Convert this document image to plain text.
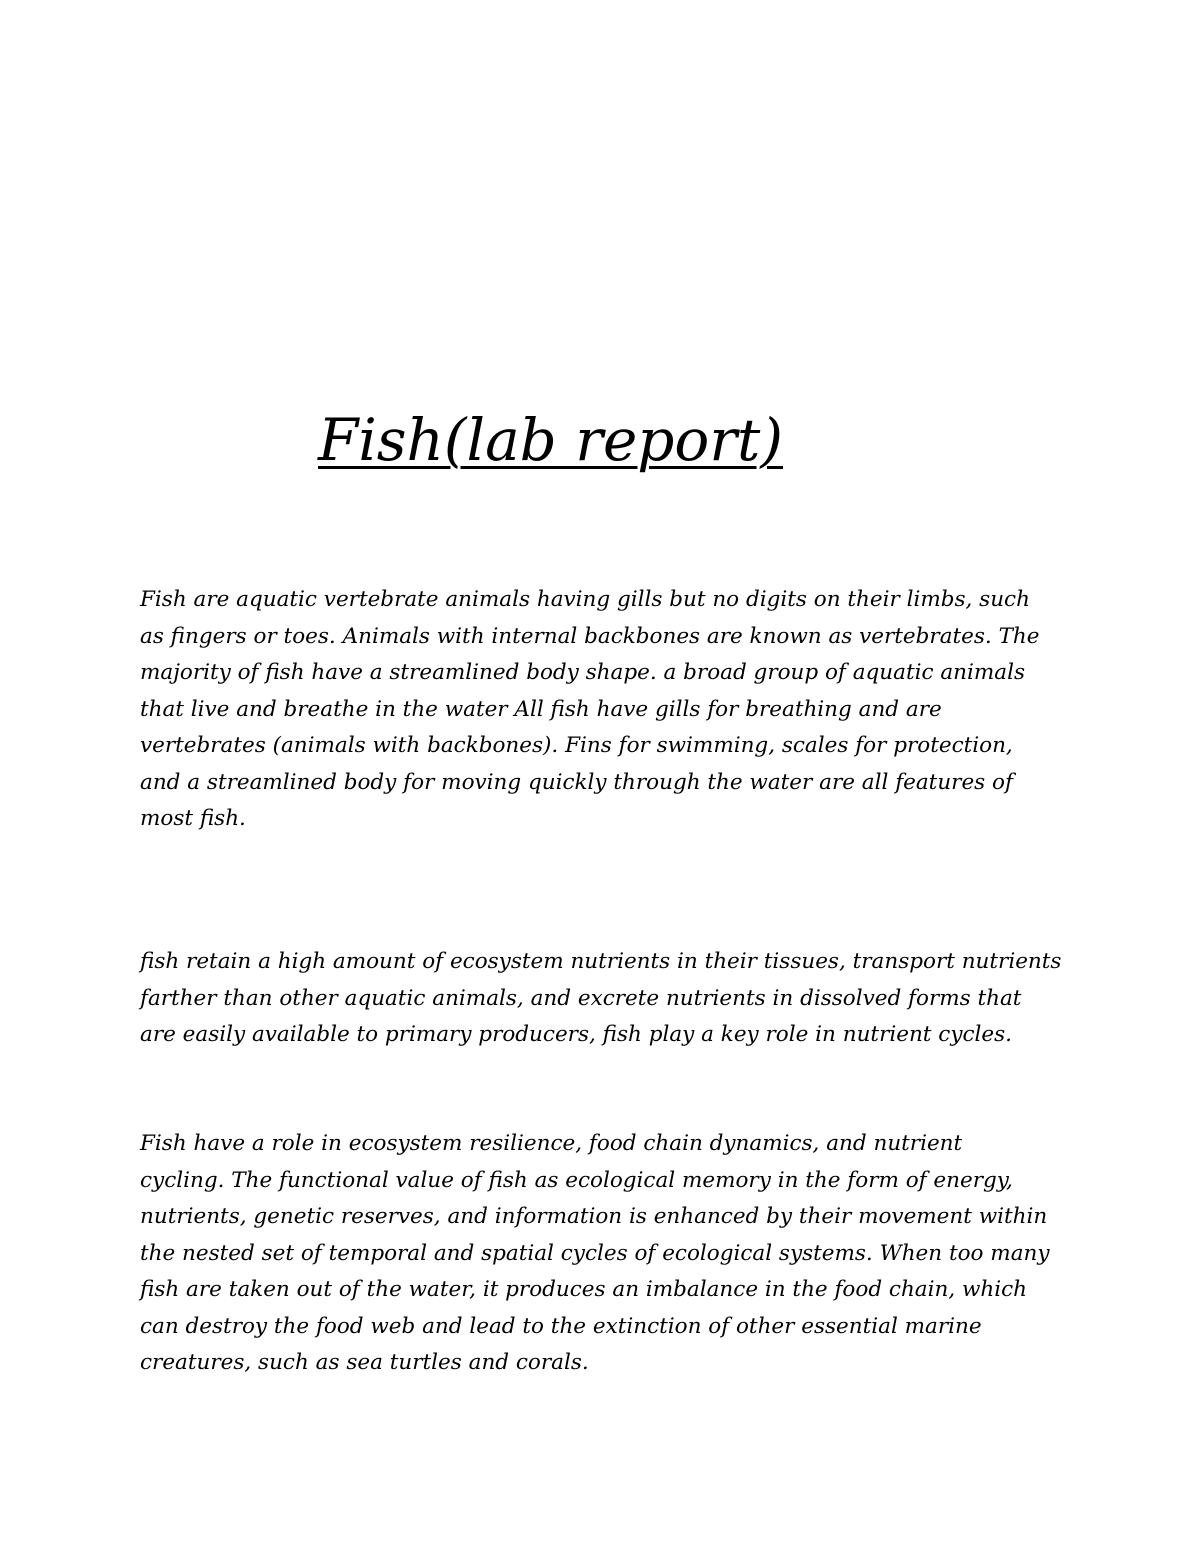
Fish(lab report)

Fish are aquatic vertebrate animals having gills but no digits on their limbs, such
as fingers or toes. Animals with internal backbones are known as vertebrates. The
majority of fish have a streamlined body shape. a broad group of aquatic animals
that live and breathe in the water All fish have gills for breathing and are
vertebrates (animals with backbones). Fins for swimming, scales for protection,
and a streamlined body for moving quickly through the water are all features of
most fish.

fish retain a high amount of ecosystem nutrients in their tissues, transport nutrients
farther than other aquatic animals, and excrete nutrients in dissolved forms that
are easily available to primary producers, fish play a key role in nutrient cycles.

Fish have a role in ecosystem resilience, food chain dynamics, and nutrient
cycling. The functional value of fish as ecological memory in the form of energy,
nutrients, genetic reserves, and information is enhanced by their movement within
the nested set of temporal and spatial cycles of ecological systems. When too many
fish are taken out of the water, it produces an imbalance in the food chain, which
can destroy the food web and lead to the extinction of other essential marine
creatures, such as sea turtles and corals.
